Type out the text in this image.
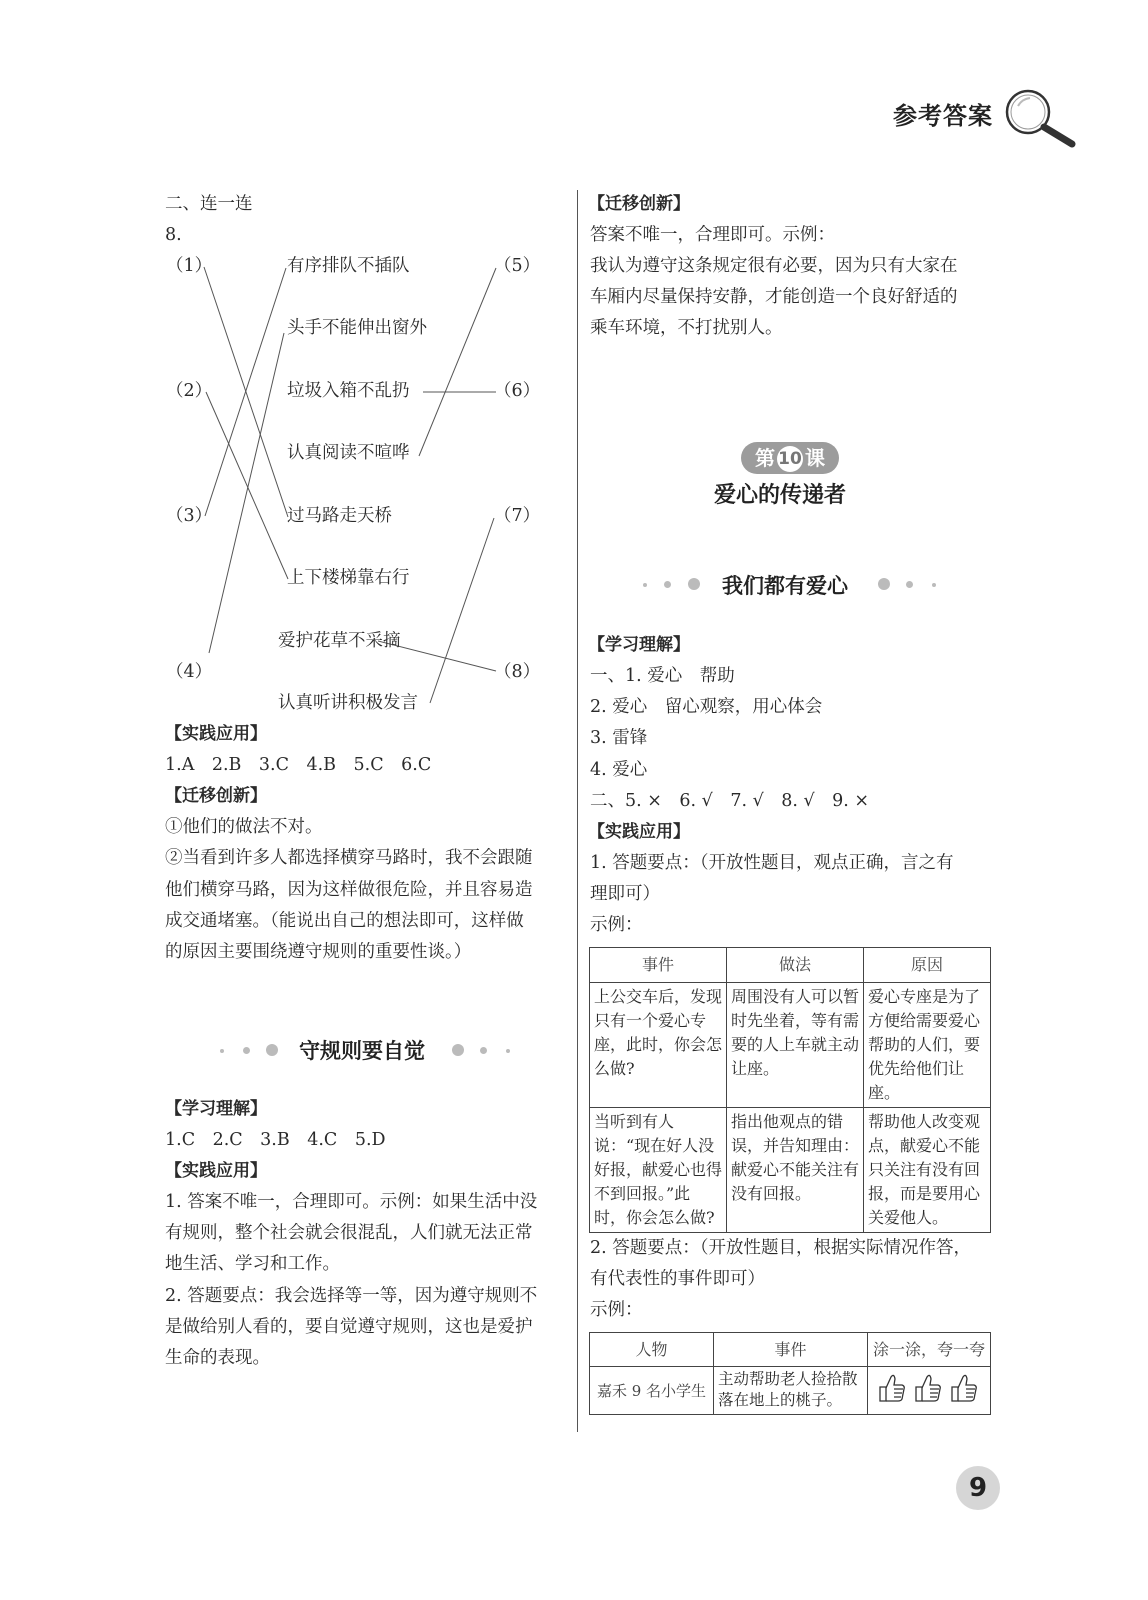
参考答案
二、连一连
8.
（1）
（2）
（3）
（4）
（5）
（6）
（7）
（8）
有序排队不插队
头手不能伸出窗外
垃圾入箱不乱扔
认真阅读不喧哗
过马路走天桥
上下楼梯靠右行
爱护花草不采摘
认真听讲积极发言
【实践应用】
1.A　2.B　3.C　4.B　5.C　6.C
【迁移创新】
①他们的做法不对。
②当看到许多人都选择横穿马路时，我不会跟随
他们横穿马路，因为这样做很危险，并且容易造
成交通堵塞。（能说出自己的想法即可，这样做
的原因主要围绕遵守规则的重要性谈。）
守规则要自觉
【学习理解】
1.C　2.C　3.B　4.C　5.D
【实践应用】
1. 答案不唯一，合理即可。示例：如果生活中没
有规则，整个社会就会很混乱，人们就无法正常
地生活、学习和工作。
2. 答题要点：我会选择等一等，因为遵守规则不
是做给别人看的，要自觉遵守规则，这也是爱护
生命的表现。
【迁移创新】
答案不唯一，合理即可。示例：
我认为遵守这条规定很有必要，因为只有大家在
车厢内尽量保持安静，才能创造一个良好舒适的
乘车环境，不打扰别人。
第 10 课
爱心的传递者
我们都有爱心
【学习理解】
一、1. 爱心　帮助
2. 爱心　留心观察，用心体会
3. 雷锋
4. 爱心
二、5. ×　6. √　7. √　8. √　9. ×
【实践应用】
1. 答题要点：（开放性题目，观点正确，言之有
理即可）
示例：
事件	做法	原因
上公交车后，发现只有一个爱心专座，此时，你会怎么做?	周围没有人可以暂时先坐着，等有需要的人上车就主动让座。	爱心专座是为了方便给需要爱心帮助的人们，要优先给他们让座。
当听到有人说：“现在好人没好报，献爱心也得不到回报。”此时，你会怎么做?	指出他观点的错误，并告知理由：献爱心不能关注有没有回报。	帮助他人改变观点，献爱心不能只关注有没有回报，而是要用心关爱他人。
2. 答题要点：（开放性题目，根据实际情况作答，
有代表性的事件即可）
示例：
人物	事件	涂一涂，夸一夸
嘉禾 9 名小学生	主动帮助老人捡拾散落在地上的桃子。	
9
